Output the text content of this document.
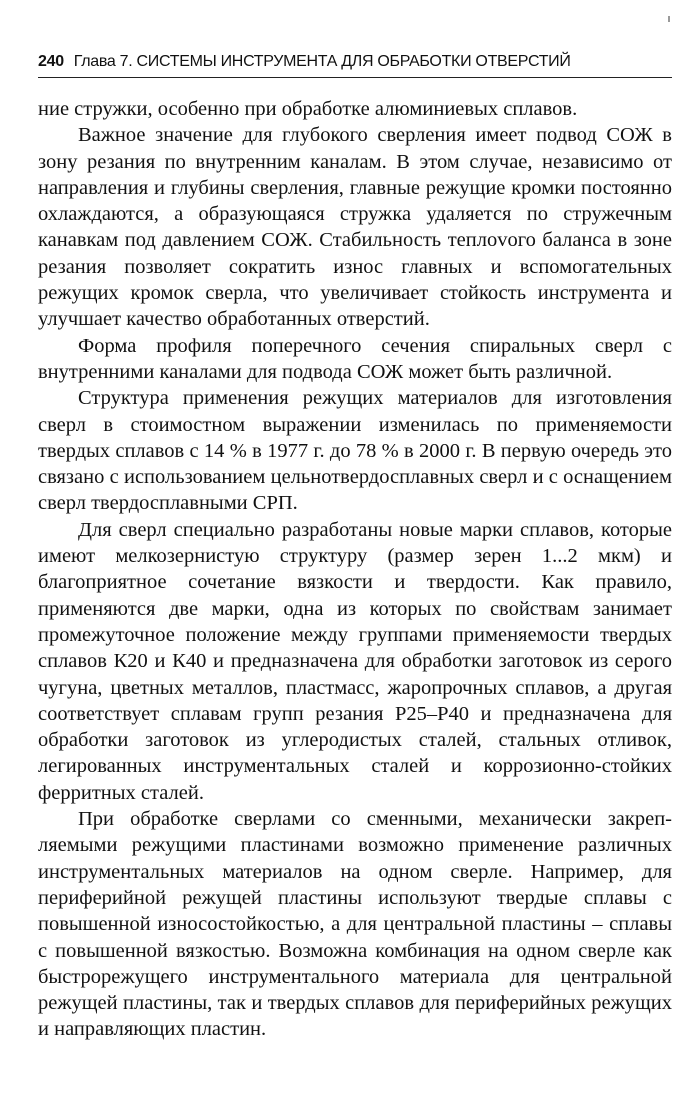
240 Глава 7. СИСТЕМЫ ИНСТРУМЕНТА ДЛЯ ОБРАБОТКИ ОТВЕРСТИЙ

ние стружки, особенно при обработке алюминиевых сплавов.

Важное значение для глубокого сверления имеет подвод СОЖ в зону резания по внутренним каналам. В этом случае, независимо от направления и глубины сверления, главные режущие кромки постоянно охлаждаются, а образующаяся стружка удаляется по стружечным канавкам под давлением СОЖ. Стабильность теплоvого баланса в зоне резания позволяет сократить износ главных и вспомогательных режущих кромок сверла, что увеличивает стойкость инструмента и улучшает качество обработанных отверстий.

Форма профиля поперечного сечения спиральных сверл с внутренними каналами для подвода СОЖ может быть различной.

Структура применения режущих материалов для изготовления сверл в стоимостном выражении изменилась по применяемости твердых сплавов с 14 % в 1977 г. до 78 % в 2000 г. В первую очередь это связано с использованием цельнотвердосплавных сверл и с оснащением сверл твердосплавными СРП.

Для сверл специально разработаны новые марки сплавов, которые имеют мелкозернистую структуру (размер зерен 1...2 мкм) и благоприятное сочетание вязкости и твердости. Как правило, применяются две марки, одна из которых по свойствам занимает промежуточное положение между группами применяемости твердых сплавов К20 и К40 и предназначена для обработки заготовок из серого чугуна, цветных металлов, пластмасс, жаропрочных сплавов, а другая соответствует сплавам групп резания Р25–Р40 и предназначена для обработки заготовок из углеродистых сталей, стальных отливок, легированных инструментальных сталей и коррозионно-стойких ферритных сталей.

При обработке сверлами со сменными, механически закрепляемыми режущими пластинами возможно применение различных инструментальных материалов на одном сверле. Например, для периферийной режущей пластины используют твердые сплавы с повышенной износостойкостью, а для центральной пластины – сплавы с повышенной вязкостью. Возможна комбинация на одном сверле как быстрорежущего инструментального материала для центральной режущей пластины, так и твердых сплавов для периферийных режущих и направляющих пластин.
